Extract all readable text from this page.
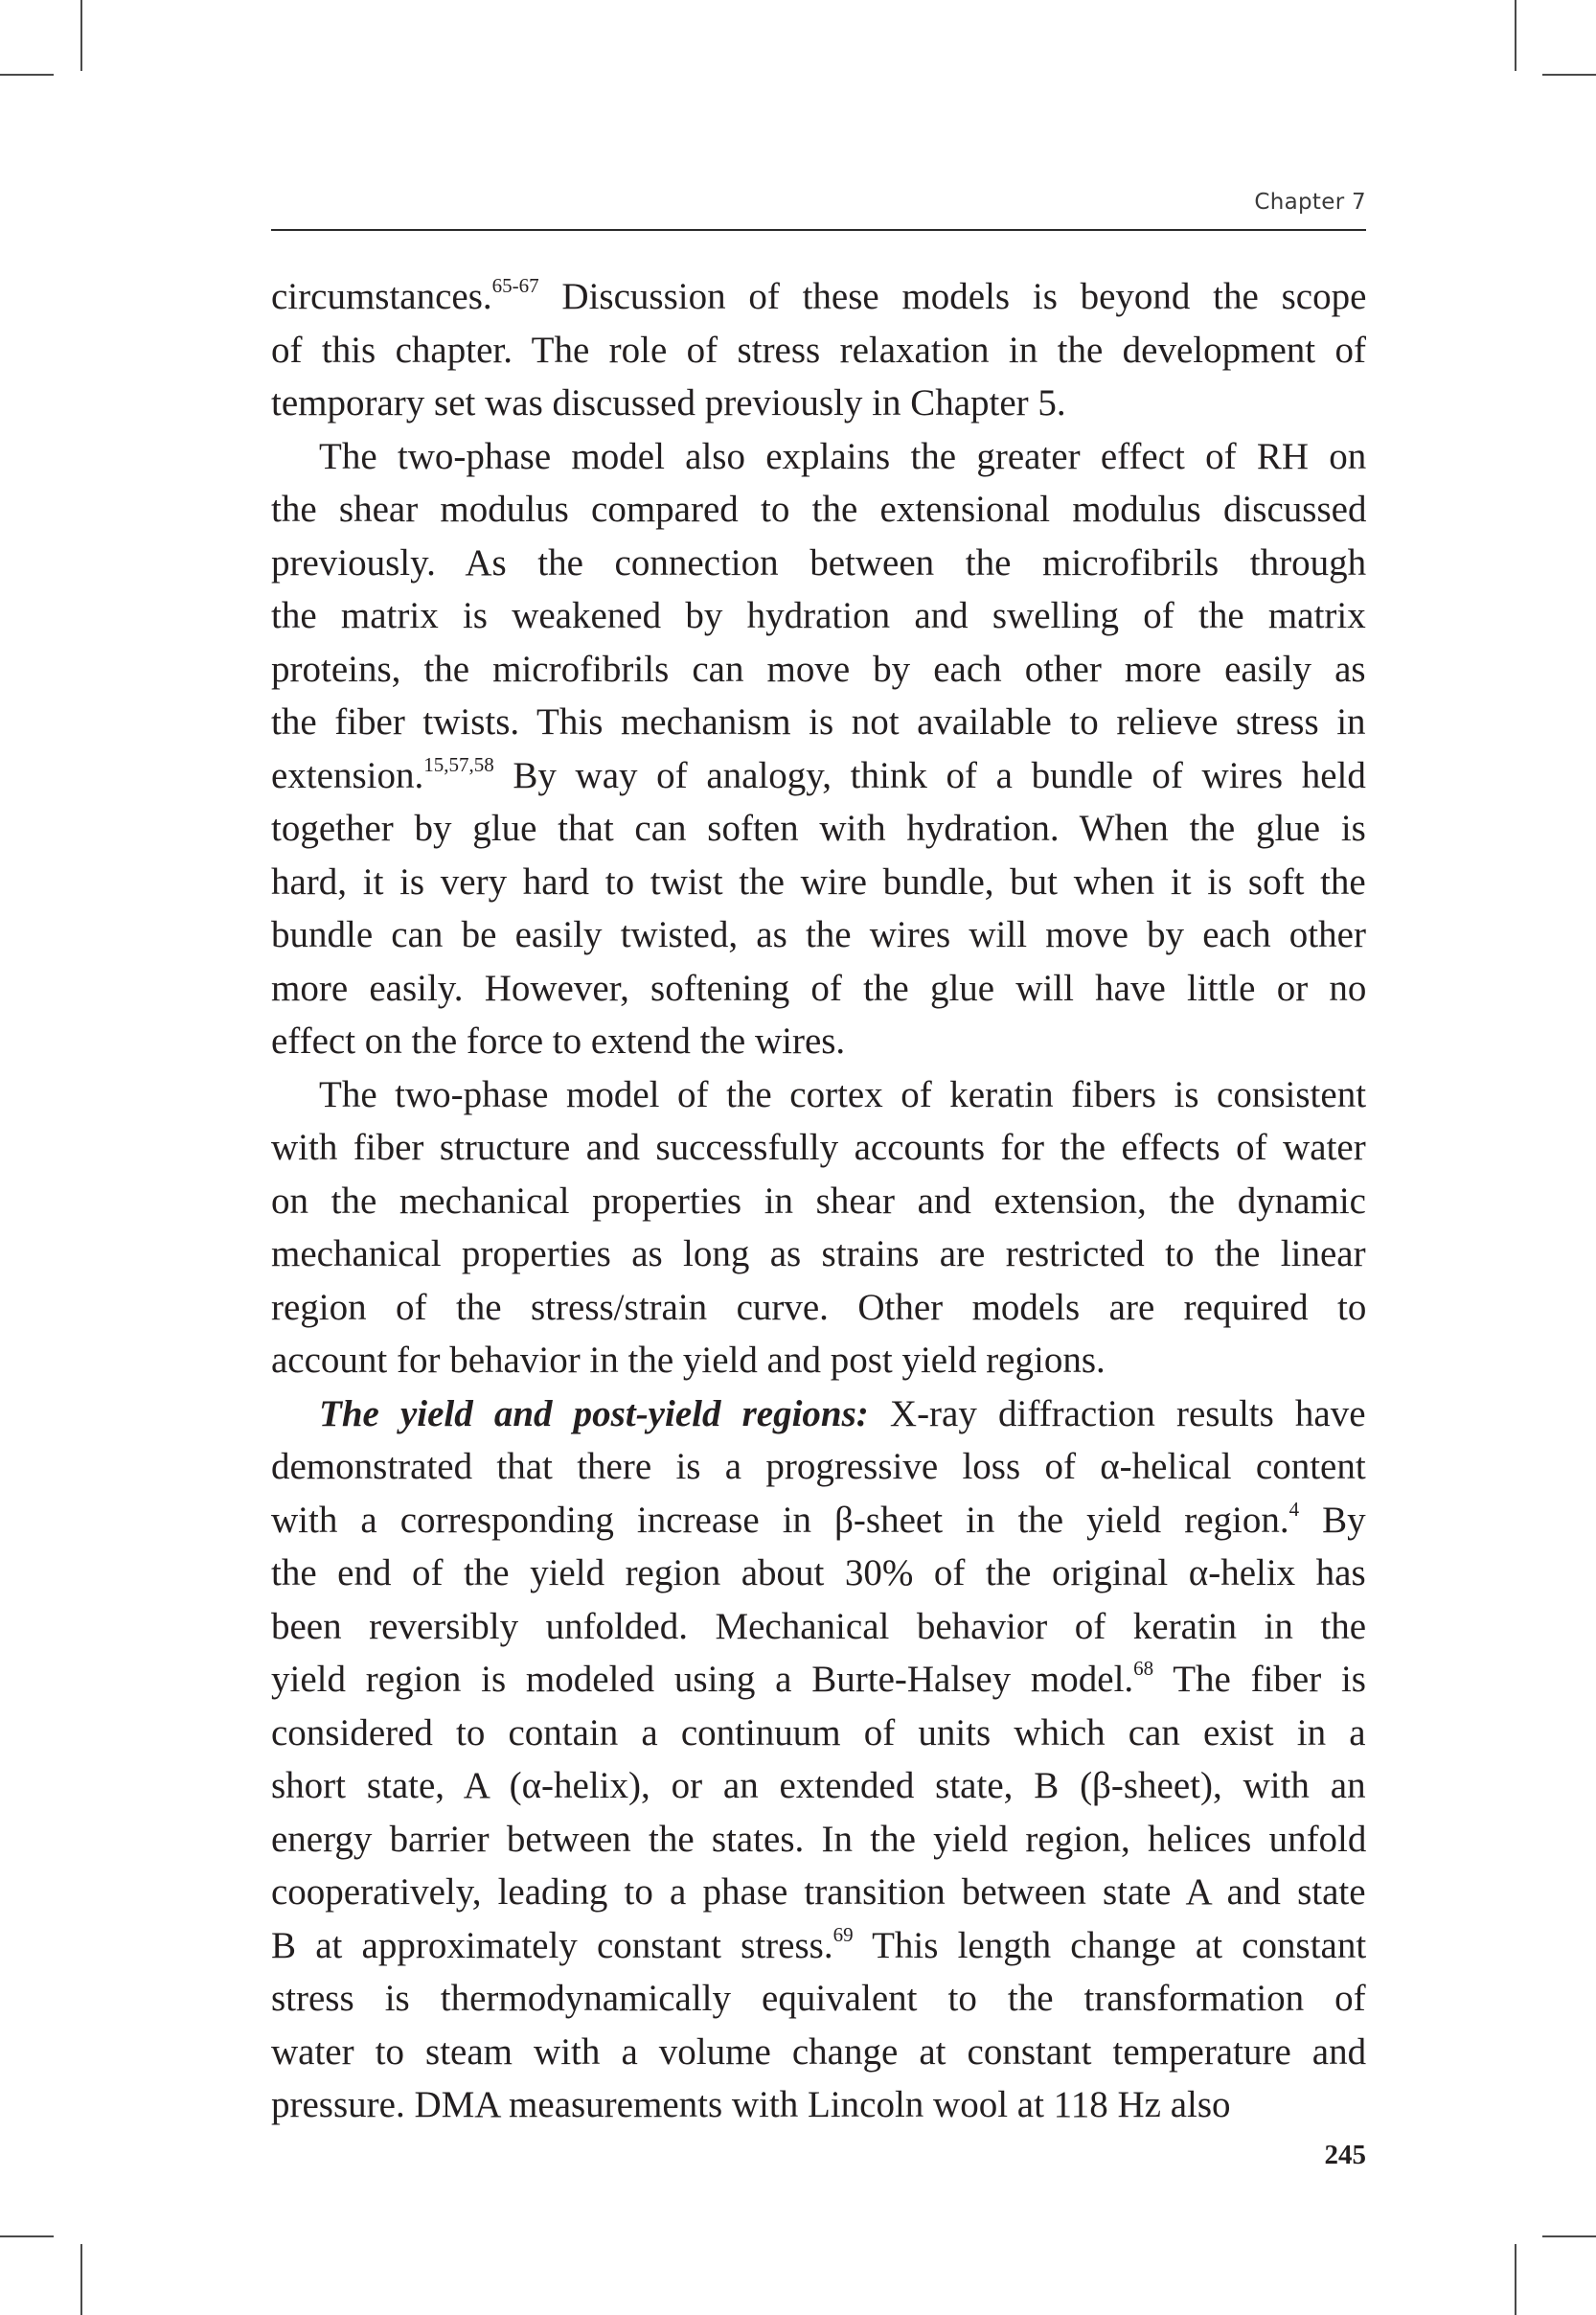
Chapter 7
circumstances.$^{65-67}$ Discussion of these models is beyond the scope
of this chapter. The role of stress relaxation in the development of
temporary set was discussed previously in Chapter 5.
The two-phase model also explains the greater effect of RH on
the shear modulus compared to the extensional modulus discussed
previously. As the connection between the microfibrils through
the matrix is weakened by hydration and swelling of the matrix
proteins, the microfibrils can move by each other more easily as
the fiber twists. This mechanism is not available to relieve stress in
extension.$^{15,57,58}$ By way of analogy, think of a bundle of wires held
together by glue that can soften with hydration. When the glue is
hard, it is very hard to twist the wire bundle, but when it is soft the
bundle can be easily twisted, as the wires will move by each other
more easily. However, softening of the glue will have little or no
effect on the force to extend the wires.
The two-phase model of the cortex of keratin fibers is consistent
with fiber structure and successfully accounts for the effects of water
on the mechanical properties in shear and extension, the dynamic
mechanical properties as long as strains are restricted to the linear
region of the stress/strain curve. Other models are required to
account for behavior in the yield and post yield regions.
The yield and post-yield regions: X-ray diffraction results have
demonstrated that there is a progressive loss of α-helical content
with a corresponding increase in β-sheet in the yield region.$^4$ By
the end of the yield region about 30% of the original α-helix has
been reversibly unfolded. Mechanical behavior of keratin in the
yield region is modeled using a Burte-Halsey model.$^{68}$ The fiber is
considered to contain a continuum of units which can exist in a
short state, A (α-helix), or an extended state, B (β-sheet), with an
energy barrier between the states. In the yield region, helices unfold
cooperatively, leading to a phase transition between state A and state
B at approximately constant stress.$^{69}$ This length change at constant
stress is thermodynamically equivalent to the transformation of
water to steam with a volume change at constant temperature and
pressure. DMA measurements with Lincoln wool at 118 Hz also
245
